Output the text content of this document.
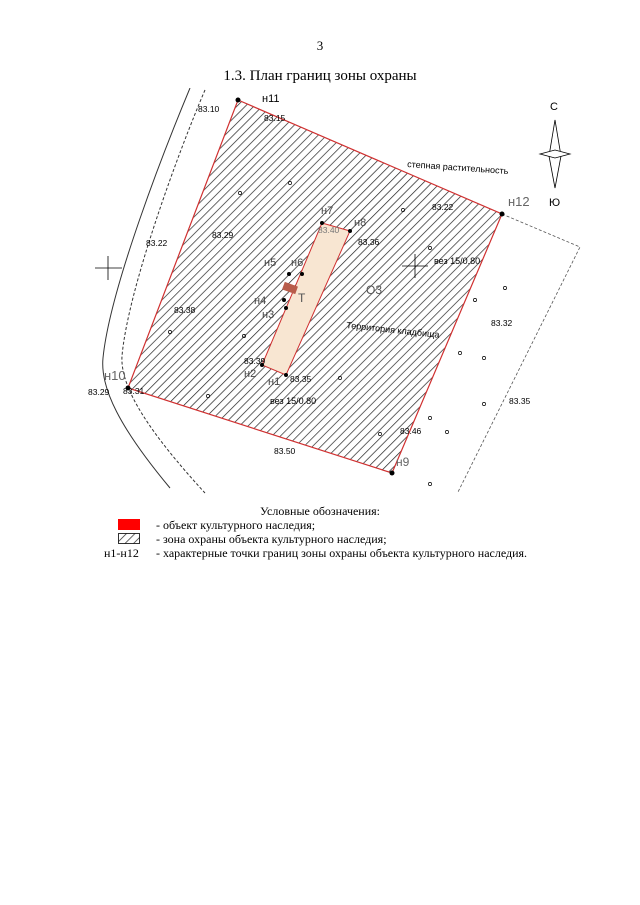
3
1.3. План границ зоны охраны
С
Ю
н11
н12
н9
н10	н1
н2
н3
н4
н5 н6
н7
н8
83.10
83.15
83.22
83.29
83.22
83.40
83.36
83.38
83.35
83.29 83.31
83.32
83.35
83.46
83.50
83.39
степная растительность
Территория кладбища
О3
Т
вез 15/0.80
вез 15/0.80
Условные обозначения:
- объект культурного наследия;
- зона охраны объекта культурного наследия;
н1-н12 - характерные точки границ зоны охраны объекта культурного наследия.
